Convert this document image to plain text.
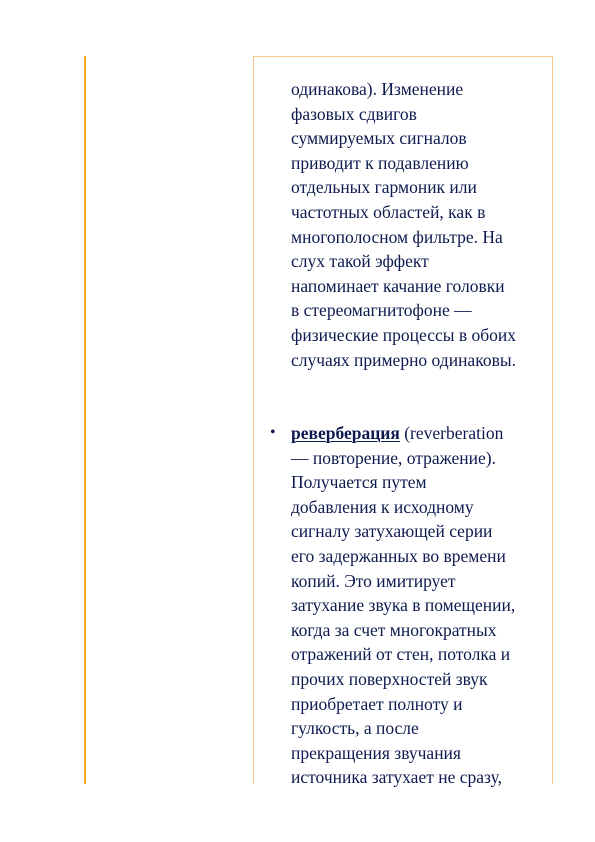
одинакова). Изменение
фазовых сдвигов
суммируемых сигналов
приводит к подавлению
отдельных гармоник или
частотных областей, как в
многополосном фильтре. На
слух такой эффект
напоминает качание головки
в стереомагнитофоне —
физические процессы в обоих
случаях примерно одинаковы.

• реверберация (reverberation
— повторение, отражение).
Получается путем
добавления к исходному
сигналу затухающей серии
его задержанных во времени
копий. Это имитирует
затухание звука в помещении,
когда за счет многократных
отражений от стен, потолка и
прочих поверхностей звук
приобретает полноту и
гулкость, а после
прекращения звучания
источника затухает не сразу,
